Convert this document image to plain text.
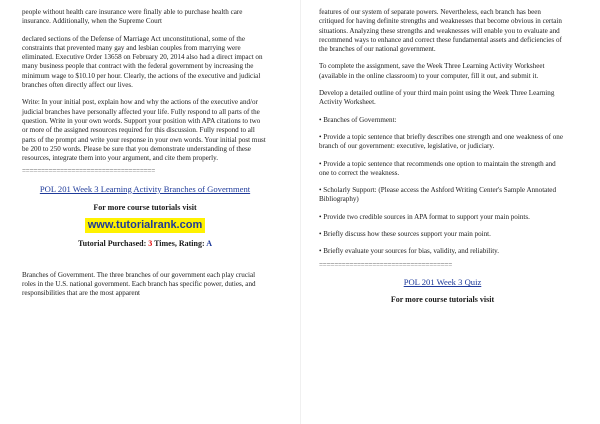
people without health care insurance were finally able to purchase health care insurance. Additionally, when the Supreme Court

declared sections of the Defense of Marriage Act unconstitutional, some of the constraints that prevented many gay and lesbian couples from marrying were eliminated. Executive Order 13658 on February 20, 2014 also had a direct impact on many business people that contract with the federal government by increasing the minimum wage to $10.10 per hour. Clearly, the actions of the executive and judicial branches often directly affect our lives.

Write: In your initial post, explain how and why the actions of the executive and/or judicial branches have personally affected your life. Fully respond to all parts of the question. Write in your own words. Support your position with APA citations to two or more of the assigned resources required for this discussion. Fully respond to all parts of the prompt and write your response in your own words. Your initial post must be 200 to 250 words. Please be sure that you demonstrate understanding of these resources, integrate them into your argument, and cite them properly.

===================================

POL 201 Week 3 Learning Activity Branches of Government

For more course tutorials visit

www.tutorialrank.com

Tutorial Purchased: 3 Times, Rating: A

Branches of Government. The three branches of our government each play crucial roles in the U.S. national government. Each branch has specific power, duties, and responsibilities that are the most apparent

features of our system of separate powers. Nevertheless, each branch has been critiqued for having definite strengths and weaknesses that become obvious in certain situations. Analyzing these strengths and weaknesses will enable you to evaluate and recommend ways to enhance and correct these fundamental assets and deficiencies of the branches of our national government.

To complete the assignment, save the Week Three Learning Activity Worksheet (available in the online classroom) to your computer, fill it out, and submit it.

Develop a detailed outline of your third main point using the Week Three Learning Activity Worksheet.

• Branches of Government:

• Provide a topic sentence that briefly describes one strength and one weakness of one branch of our government: executive, legislative, or judiciary.

• Provide a topic sentence that recommends one option to maintain the strength and one to correct the weakness.

• Scholarly Support: (Please access the Ashford Writing Center's Sample Annotated Bibliography)

• Provide two credible sources in APA format to support your main points.

• Briefly discuss how these sources support your main point.

• Briefly evaluate your sources for bias, validity, and reliability.

===================================

POL 201 Week 3 Quiz

For more course tutorials visit
